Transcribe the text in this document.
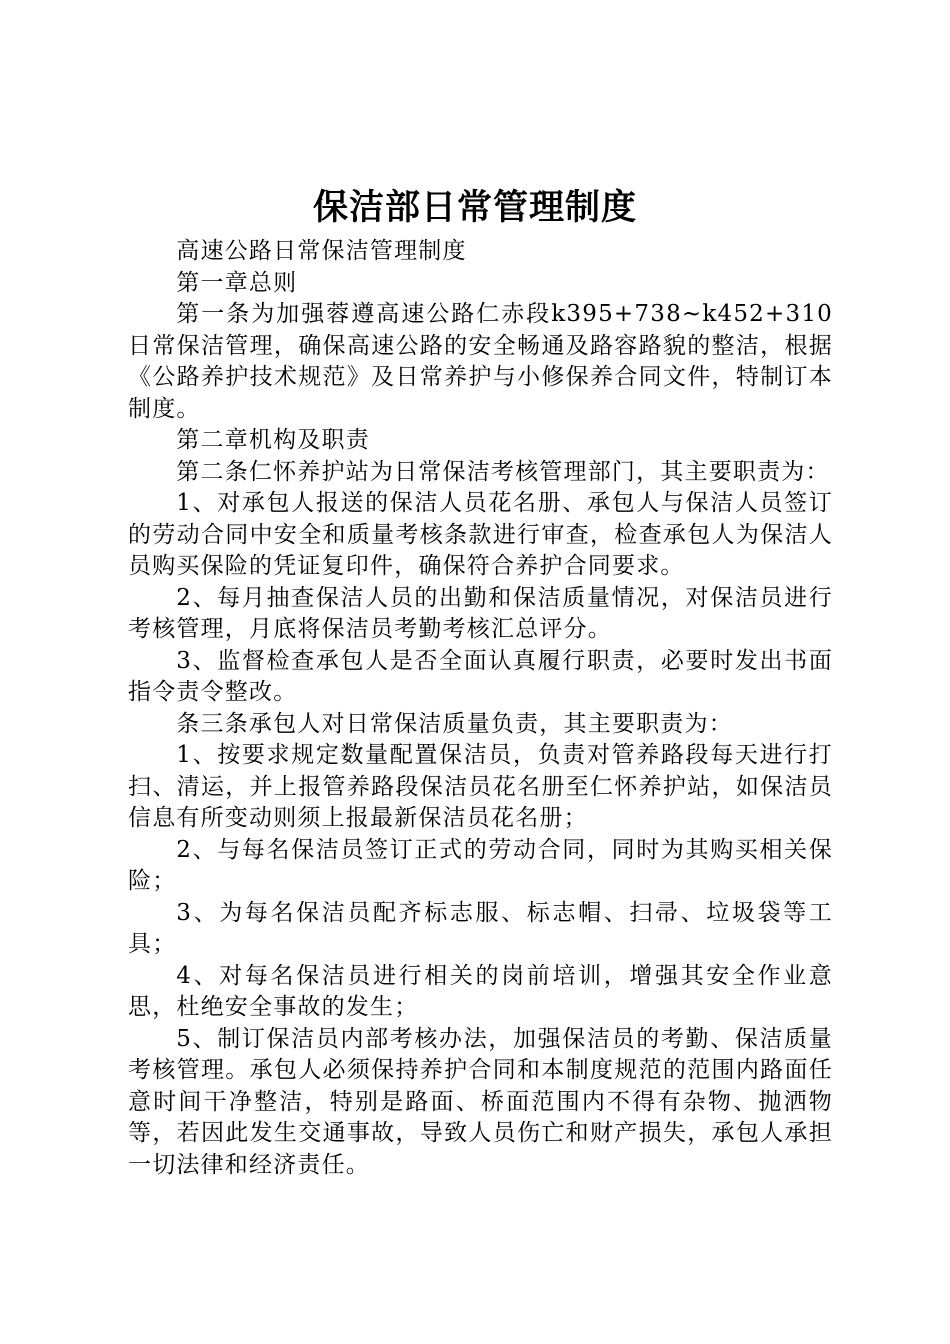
保洁部日常管理制度

高速公路日常保洁管理制度

第一章总则

第一条为加强蓉遵高速公路仁赤段k395+738~k452+310日常保洁管理，确保高速公路的安全畅通及路容路貌的整洁，根据《公路养护技术规范》及日常养护与小修保养合同文件，特制订本制度。

第二章机构及职责

第二条仁怀养护站为日常保洁考核管理部门，其主要职责为：

1、对承包人报送的保洁人员花名册、承包人与保洁人员签订的劳动合同中安全和质量考核条款进行审查，检查承包人为保洁人员购买保险的凭证复印件，确保符合养护合同要求。

2、每月抽查保洁人员的出勤和保洁质量情况，对保洁员进行考核管理，月底将保洁员考勤考核汇总评分。

3、监督检查承包人是否全面认真履行职责，必要时发出书面指令责令整改。

条三条承包人对日常保洁质量负责，其主要职责为：

1、按要求规定数量配置保洁员，负责对管养路段每天进行打扫、清运，并上报管养路段保洁员花名册至仁怀养护站，如保洁员信息有所变动则须上报最新保洁员花名册；

2、与每名保洁员签订正式的劳动合同，同时为其购买相关保险；

3、为每名保洁员配齐标志服、标志帽、扫帚、垃圾袋等工具；

4、对每名保洁员进行相关的岗前培训，增强其安全作业意思，杜绝安全事故的发生；

5、制订保洁员内部考核办法，加强保洁员的考勤、保洁质量考核管理。承包人必须保持养护合同和本制度规范的范围内路面任意时间干净整洁，特别是路面、桥面范围内不得有杂物、抛洒物等，若因此发生交通事故，导致人员伤亡和财产损失，承包人承担一切法律和经济责任。
